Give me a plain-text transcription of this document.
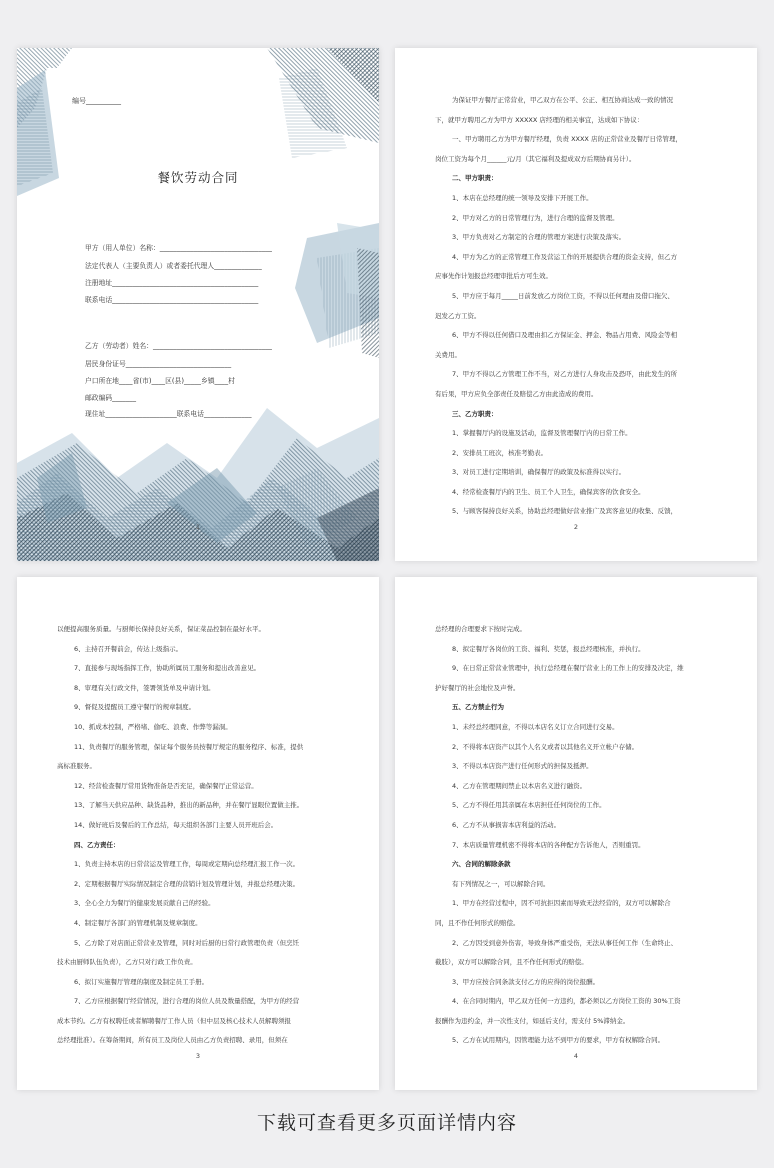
编号__________
餐饮劳动合同
甲方（用人单位）名称：_________________________________
法定代表人（主要负责人）或者委托代理人______________
注册地址___________________________________________
联系电话___________________________________________
乙方（劳动者）姓名：___________________________________
居民身份证号_______________________________
户口所在地____省(市)____区(县)_____乡镇____村
邮政编码_______
现住址_____________________联系电话______________
1
为保证甲方餐厅正常营业，甲乙双方在公平、公正、相互协商达成一致的情况
下，就甲方聘用乙方为甲方 XXXXX 店经理的相关事宜，达成如下协议：
一、甲方聘用乙方为甲方餐厅经理，负责 XXXX 店的正常营业及餐厅日常管理，
岗位工资为每个月______元/月（其它福利及提成双方后期协商另计）。
二、甲方职责：
1、本店在总经理的统一领导及安排下开展工作。
2、甲方对乙方的日常管理行为，进行合理的监督及管理。
3、甲方负责对乙方制定的合理的管理方案进行决策及落实。
4、甲方为乙方的正常管理工作及营运工作的开展提供合理的资金支持，但乙方
应事先作计划报总经理审批后方可生效。
5、甲方应于每月_____日前发放乙方岗位工资，不得以任何理由及借口拖欠、
迟发乙方工资。
6、甲方不得以任何借口及理由扣乙方保证金、押金、物品占用费、风险金等相
关费用。
7、甲方不得以乙方管理工作不当，对乙方进行人身攻击及恐吓，由此发生的所
有后果，甲方应负全部责任及赔偿乙方由此造成的费用。
三、乙方职责：
1、掌握餐厅内的设施及活动，监督及管理餐厅内的日常工作。
2、安排员工班次，核准考勤表。
3、对员工进行定期培训，确保餐厅的政策及标准得以实行。
4、经常检查餐厅内的卫生、员工个人卫生，确保宾客的饮食安全。
5、与顾客保持良好关系，协助总经理做好营业推广及宾客意见的收集、反馈，
2
以便提高服务质量。与厨师长保持良好关系，保证菜品控制在最好水平。
6、主持召开餐前会，传达上级指示。
7、直接参与现场指挥工作，协助所属员工服务和提出改善意见。
8、审理有关行政文件，签署领货单及申请计划。
9、督促及提醒员工遵守餐厅的规章制度。
10、抓成本控制，严格堵、偷吃、浪费、作弊等漏洞。
11、负责餐厅的服务管理，保证每个服务员按餐厅规定的服务程序、标准，提供
高标准服务。
12、经营检查餐厅常用货物准备是否充足，确保餐厅正常运营。
13、了解当天供应品种、缺货品种，推出的新品种，并在餐厅显眼位置做主推。
14、做好班后及餐后的工作总结，每天组织各部门主要人员开班后会。
四、乙方责任：
1、负责主持本店的日常营运及管理工作，每周或定期向总经理汇报工作一次。
2、定期根据餐厅实际情况制定合理的营销计划及管理计划，并报总经理决策。
3、全心全力为餐厅的健康发展贡献自己的经验。
4、制定餐厅各部门的管理机制及规章制度。
5、乙方除了对店面正常营业及管理，同时对后厨的日常行政管理负责（但烹饪
技术由厨师队伍负责），乙方只对行政工作负责。
6、拟订实施餐厅管理的制度及制定员工手册。
7、乙方应根据餐厅经营情况，进行合理的岗位人员及数量搭配，为甲方的经营
成本节约。乙方有权聘任或者解聘餐厅工作人员（但中层及核心技术人员解聘须报
总经理批准）。在筹备期间，所有员工及岗位人员由乙方负责招聘、录用，但须在
3
总经理的合理要求下按时完成。
8、拟定餐厅各岗位的工资、福利、奖惩，报总经理核准，并执行。
9、在日常正常营业管理中，执行总经理在餐厅营业上的工作上的安排及决定，维
护好餐厅的社会地位及声誉。
五、乙方禁止行为
1、未经总经理同意，不得以本店名义订立合同进行交易。
2、不得将本店资产以其个人名义或者以其他名义开立帐户存储。
3、不得以本店资产进行任何形式的担保及抵押。
4、乙方在管理期间禁止以本店名义进行融资。
5、乙方不得任用其亲属在本店担任任何岗位的工作。
6、乙方不从事损害本店利益的活动。
7、本店质量管理机密不得将本店的各种配方告诉他人，否则重罚。
六、合同的解除条款
有下列情况之一，可以解除合同。
1、甲方在经营过程中，因不可抗拒因素而导致无法经营的，双方可以解除合
同，且不作任何形式的赔偿。
2、乙方因受到意外伤害，导致身体严重受伤，无法从事任何工作（生命终止、
截肢），双方可以解除合同，且不作任何形式的赔偿。
3、甲方应按合同条款支付乙方的应得的岗位报酬。
4、在合同时期内，甲乙双方任何一方违约，都必须以乙方岗位工资的 30%工资
报酬作为违约金，并一次性支付，如延后支付，需支付 5%滞纳金。
5、乙方在试用期内，因管理能力达不到甲方的要求，甲方有权解除合同。
4
下载可查看更多页面详情内容
